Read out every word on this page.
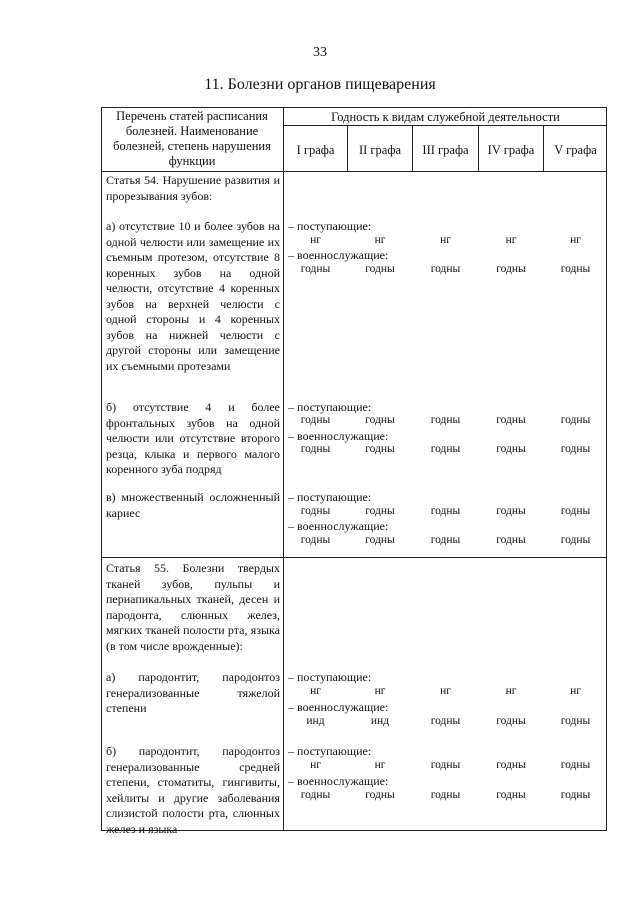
33
11. Болезни органов пищеварения
Перечень статей расписания болезней. Наименование болезней, степень нарушения функции
Годность к видам служебной деятельности
I графа	II графа	III графа	IV графа	V графа
Статья 54. Нарушение развития и прорезывания зубов:
а) отсутствие 10 и более зубов на одной челюсти или замещение их съемным протезом, отсутствие 8 коренных зубов на одной челюсти, отсутствие 4 коренных зубов на верхней челюсти с одной стороны и 4 коренных зубов на нижней челюсти с другой стороны или замещение их съемными протезами
– поступающие:
нг	нг	нг	нг	нг
– военнослужащие:
годны	годны	годны	годны	годны
б) отсутствие 4 и более фронтальных зубов на одной челюсти или отсутствие второго резца, клыка и первого малого коренного зуба подряд
– поступающие:
годны	годны	годны	годны	годны
– военнослужащие:
годны	годны	годны	годны	годны
в) множественный осложненный кариес
– поступающие:
годны	годны	годны	годны	годны
– военнослужащие:
годны	годны	годны	годны	годны
Статья 55. Болезни твердых тканей зубов, пульпы и периапикальных тканей, десен и пародонта, слюнных желез, мягких тканей полости рта, языка (в том числе врожденные):
а) пародонтит, пародонтоз генерализованные тяжелой степени
– поступающие:
нг	нг	нг	нг	нг
– военнослужащие:
инд	инд	годны	годны	годны
б) пародонтит, пародонтоз генерализованные средней степени, стоматиты, гингивиты, хейлиты и другие заболевания слизистой полости рта, слюнных желез и языка
– поступающие:
нг	нг	годны	годны	годны
– военнослужащие:
годны	годны	годны	годны	годны
